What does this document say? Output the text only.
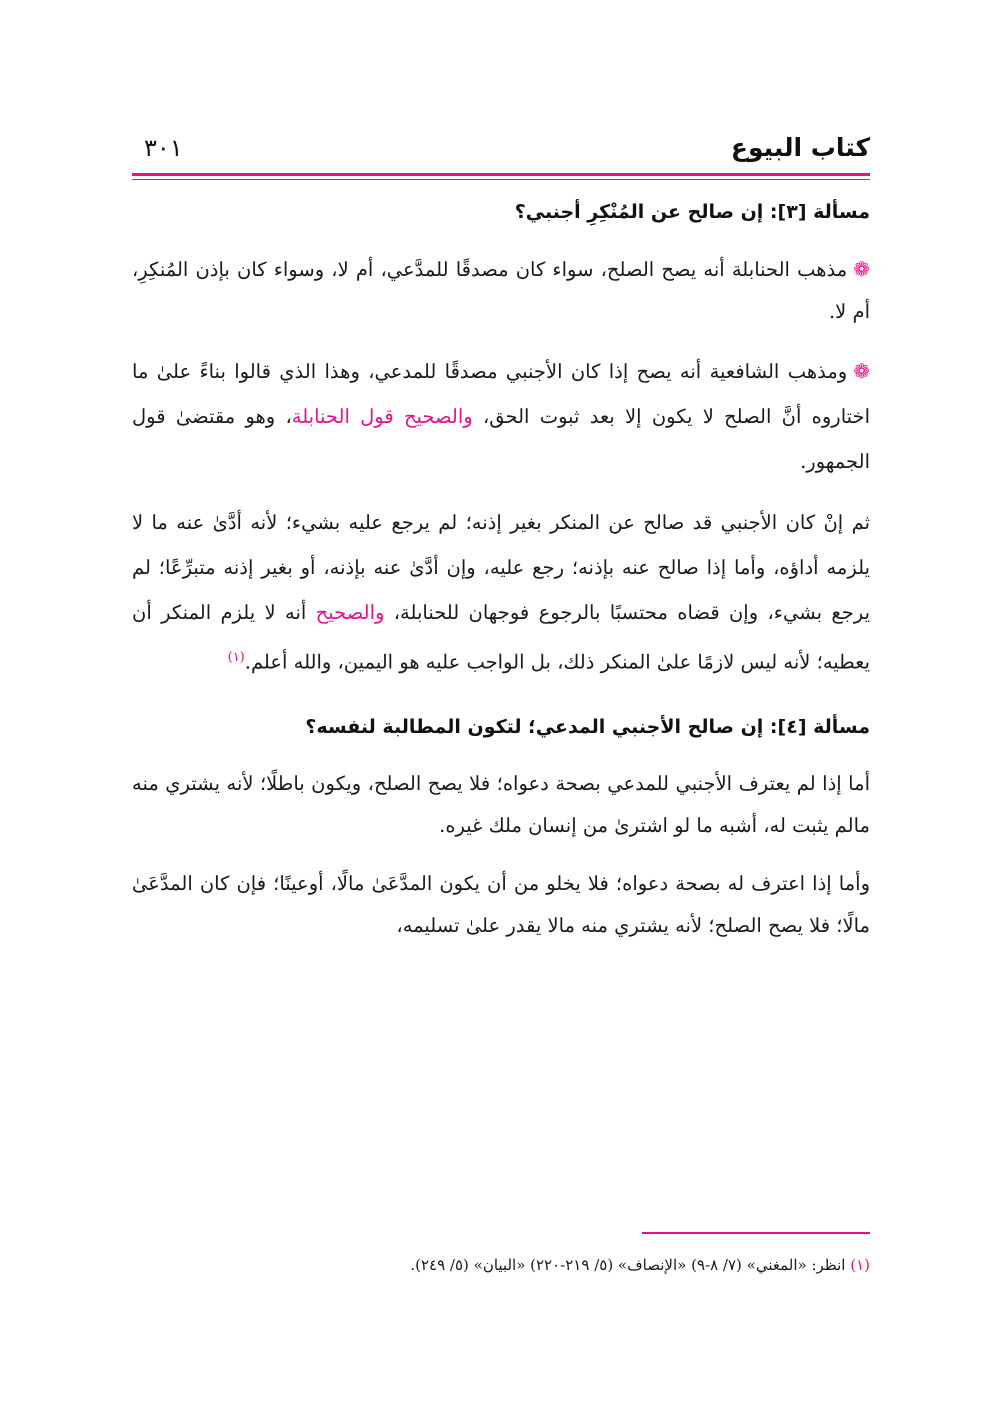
كتاب البيوع
٣٠١

مسألة [٣]: إن صالح عن المُنْكِرِ أجنبي؟

❁مذهب الحنابلة أنه يصح الصلح، سواء كان مصدقًا للمدَّعي، أم لا، وسواء كان بإذن المُنكِرِ، أم لا.

❁ومذهب الشافعية أنه يصح إذا كان الأجنبي مصدقًا للمدعي، وهذا الذي قالوا بناءً علىٰ ما اختاروه أنَّ الصلح لا يكون إلا بعد ثبوت الحق، والصحيح قول الحنابلة، وهو مقتضىٰ قول الجمهور.

ثم إنْ كان الأجنبي قد صالح عن المنكر بغير إذنه؛ لم يرجع عليه بشيء؛ لأنه أدَّىٰ عنه ما لا يلزمه أداؤه، وأما إذا صالح عنه بإذنه؛ رجع عليه، وإن أدَّىٰ عنه بإذنه، أو بغير إذنه متبرِّعًا؛ لم يرجع بشيء، وإن قضاه محتسبًا بالرجوع فوجهان للحنابلة، والصحيح أنه لا يلزم المنكر أن يعطيه؛ لأنه ليس لازمًا علىٰ المنكر ذلك، بل الواجب عليه هو اليمين، والله أعلم.$^{(١)}$

مسألة [٤]: إن صالح الأجنبي المدعي؛ لتكون المطالبة لنفسه؟

أما إذا لم يعترف الأجنبي للمدعي بصحة دعواه؛ فلا يصح الصلح، ويكون باطلًا؛ لأنه يشتري منه مالم يثبت له، أشبه ما لو اشترىٰ من إنسان ملك غيره.

وأما إذا اعترف له بصحة دعواه؛ فلا يخلو من أن يكون المدَّعَىٰ مالًا، أوعينًا؛ فإن كان المدَّعَىٰ مالًا؛ فلا يصح الصلح؛ لأنه يشتري منه مالا يقدر علىٰ تسليمه،

(١) انظر: «المغني» (٧/ ٨-٩) «الإنصاف» (٥/ ٢١٩-٢٢٠) «البيان» (٥/ ٢٤٩).
